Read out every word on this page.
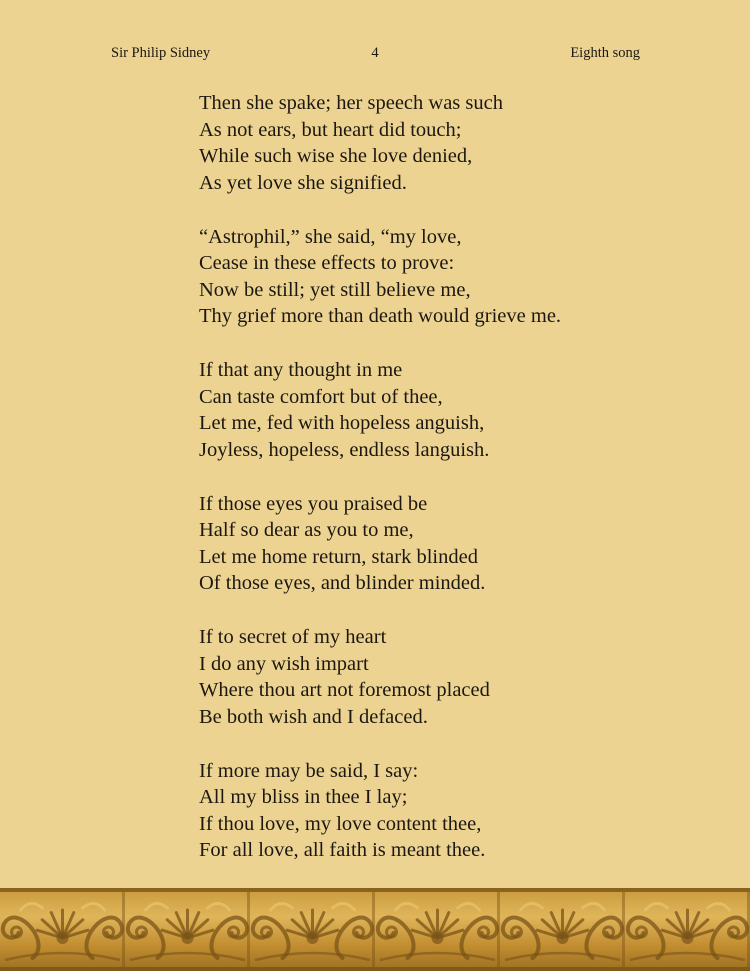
Sir Philip Sidney	4	Eighth song
Then she spake; her speech was such
As not ears, but heart did touch;
While such wise she love denied,
As yet love she signified.
“Astrophil,” she said, “my love,
Cease in these effects to prove:
Now be still; yet still believe me,
Thy grief more than death would grieve me.
If that any thought in me
Can taste comfort but of thee,
Let me, fed with hopeless anguish,
Joyless, hopeless, endless languish.
If those eyes you praised be
Half so dear as you to me,
Let me home return, stark blinded
Of those eyes, and blinder minded.
If to secret of my heart
I do any wish impart
Where thou art not foremost placed
Be both wish and I defaced.
If more may be said, I say:
All my bliss in thee I lay;
If thou love, my love content thee,
For all love, all faith is meant thee.
